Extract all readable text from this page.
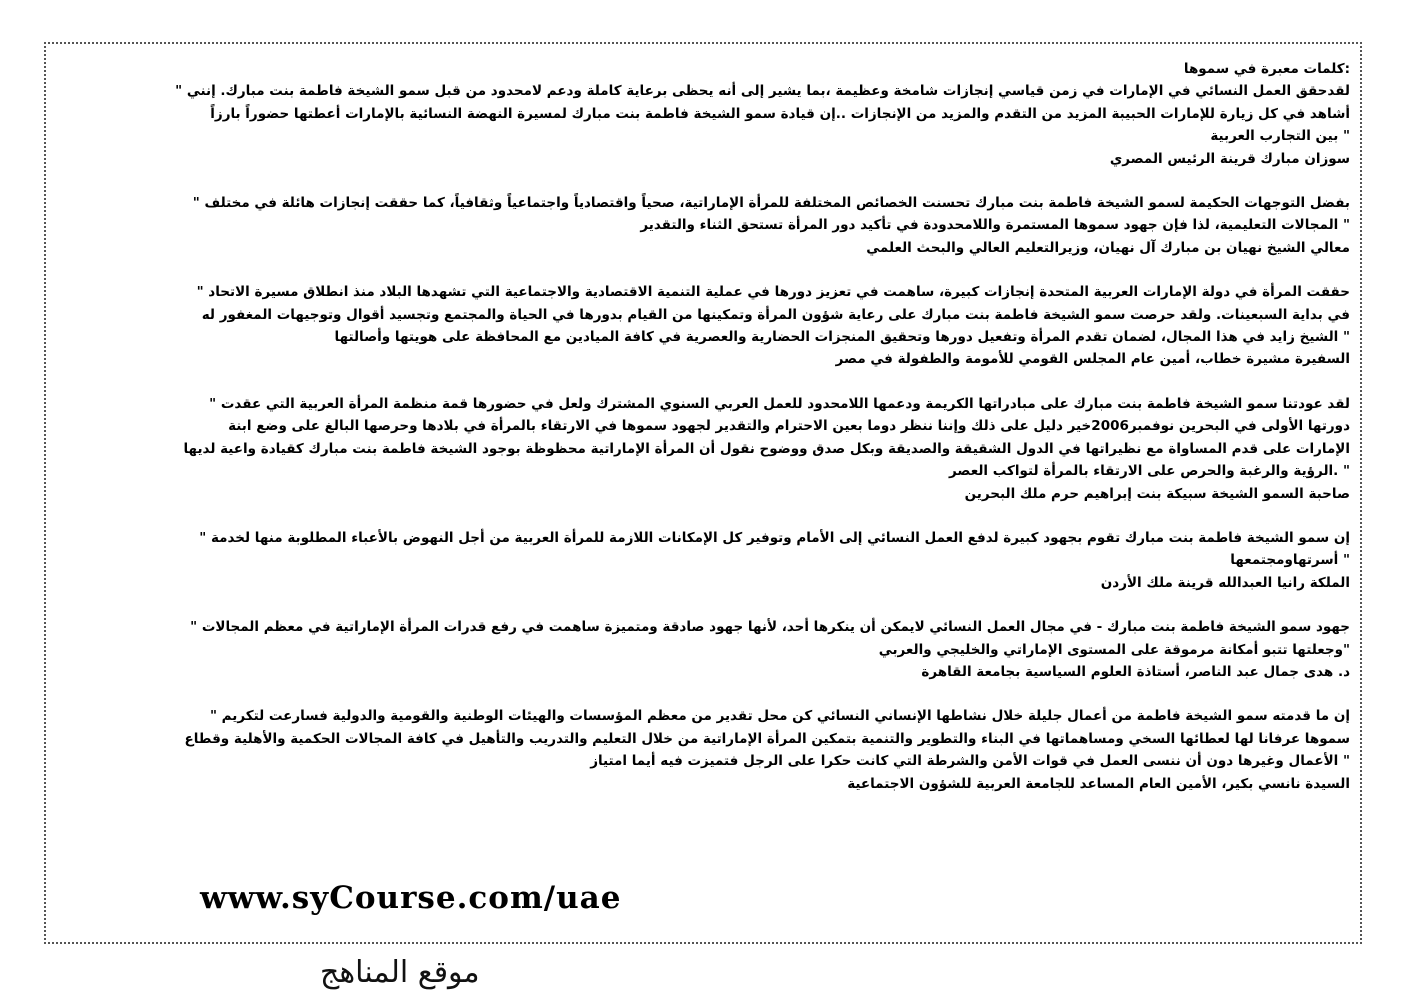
:كلمات معبرة في سموها
لقدحقق العمل النسائي في الإمارات في زمن قياسي إنجازات شامخة وعظيمة ،بما يشير إلى أنه يحظى برعاية كاملة ودعم لامحدود من قبل سمو الشيخة فاطمة بنت مبارك. إنني "
أشاهد في كل زيارة للإمارات الحبيبة المزيد من التقدم والمزيد من الإنجازات ..إن قيادة سمو الشيخة فاطمة بنت مبارك لمسيرة النهضة النسائية بالإمارات أعطتها حضوراً بارزاً
" بين التجارب العربية
سوزان مبارك قرينة الرئيس المصري
بفضل التوجهات الحكيمة لسمو الشيخة فاطمة بنت مبارك تحسنت الخصائص المختلفة للمرأة الإماراتية، صحياً واقتصادياً واجتماعياً وثقافياً، كما حققت إنجازات هائلة في مختلف "
" المجالات التعليمية، لذا فإن جهود سموها المستمرة واللامحدودة في تأكيد دور المرأة تستحق الثناء والتقدير
معالي الشيخ نهيان بن مبارك آل نهيان، وزيرالتعليم العالي والبحث العلمي
حققت المرأة في دولة الإمارات العربية المتحدة إنجازات كبيرة، ساهمت في تعزيز دورها في عملية التنمية الاقتصادية والاجتماعية التي تشهدها البلاد منذ انطلاق مسيرة الاتحاد "
في بداية السبعينات. ولقد حرصت سمو الشيخة فاطمة بنت مبارك على رعاية شؤون المرأة وتمكينها من القيام بدورها في الحياة والمجتمع وتجسيد أقوال وتوجيهات المغفور له
" الشيخ زايد في هذا المجال، لضمان تقدم المرأة وتفعيل دورها وتحقيق المنجزات الحضارية والعصرية في كافة الميادين مع المحافظة على هويتها وأصالتها
السفيرة مشيرة خطاب، أمين عام المجلس القومي للأمومة والطفولة في مصر
لقد عودتنا سمو الشيخة فاطمة بنت مبارك على مبادراتها الكريمة ودعمها اللامحدود للعمل العربي السنوي المشترك ولعل في حضورها قمة منظمة المرأة العربية التي عقدت "
دورتها الأولى في البحرين نوفمبر2006خير دليل على ذلك وإننا ننظر دوما بعين الاحترام والتقدير لجهود سموها في الارتقاء بالمرأة في بلادها وحرصها البالغ على وضع ابنة
الإمارات على قدم المساواة مع نظيراتها في الدول الشقيقة والصديقة وبكل صدق ووضوح نقول أن المرأة الإماراتية محظوظة بوجود الشيخة فاطمة بنت مبارك كقيادة واعية لديها
" .الرؤية والرغبة والحرص على الارتقاء بالمرأة لتواكب العصر
صاحبة السمو الشيخة سبيكة بنت إبراهيم حرم ملك البحرين
إن سمو الشيخة فاطمة بنت مبارك تقوم بجهود كبيرة لدفع العمل النسائي إلى الأمام وتوفير كل الإمكانات اللازمة للمرأة العربية من أجل النهوض بالأعباء المطلوبة منها لخدمة "
" أسرتهاومجتمعها
الملكة رانيا العبدالله قرينة ملك الأردن
جهود سمو الشيخة فاطمة بنت مبارك - في مجال العمل النسائي لايمكن أن ينكرها أحد، لأنها جهود صادقة ومتميزة ساهمت في رفع قدرات المرأة الإماراتية في معظم المجالات "
"وجعلتها تتبو أمكانة مرموقة على المستوى الإماراتي والخليجي والعربي
د. هدى جمال عبد الناصر، أستاذة العلوم السياسية بجامعة القاهرة
إن ما قدمته سمو الشيخة فاطمة من أعمال جليلة خلال نشاطها الإنساني النسائي كن محل تقدير من معظم المؤسسات والهيئات الوطنية والقومية والدولية فسارعت لتكريم "
سموها عرفانا لها لعطائها السخي ومساهماتها في البناء والتطوير والتنمية بتمكين المرأة الإماراتية من خلال التعليم والتدريب والتأهيل في كافة المجالات الحكمية والأهلية وقطاع
" الأعمال وغيرها دون أن ننسى العمل في قوات الأمن والشرطة التي كانت حكرا على الرجل فتميزت فيه أيما امتياز
السيدة نانسي بكير، الأمين العام المساعد للجامعة العربية للشؤون الاجتماعية
www.syCourse.com/uae
موقع المناهج
